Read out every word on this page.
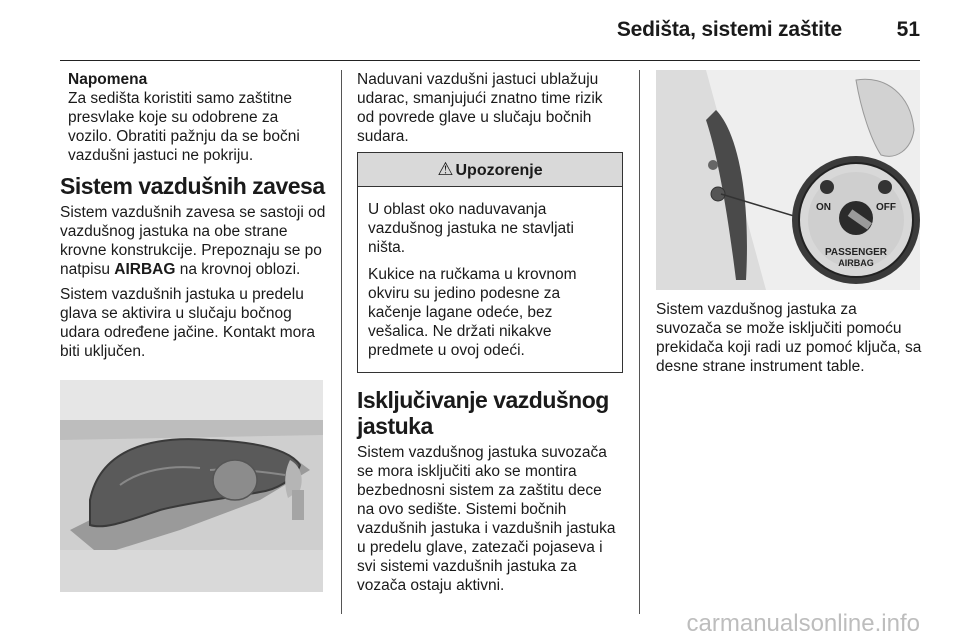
Sedišta, sistemi zaštite	51
Napomena
Za sedišta koristiti samo zaštitne presvlake koje su odobrene za vozilo. Obratiti pažnju da se bočni vazdušni jastuci ne pokriju.
Sistem vazdušnih zavesa

Sistem vazdušnih zavesa se sastoji od vazdušnog jastuka na obe strane krovne konstrukcije. Prepoznaju se po natpisu AIRBAG na krovnoj oblozi.

Sistem vazdušnih jastuka u predelu glava se aktivira u slučaju bočnog udara određene jačine. Kontakt mora biti uključen.

Naduvani vazdušni jastuci ublažuju udarac, smanjujući znatno time rizik od povrede glave u slučaju bočnih sudara.

⚠ Upozorenje

U oblast oko naduvavanja vazdušnog jastuka ne stavljati ništa.

Kukice na ručkama u krovnom okviru su jedino podesne za kačenje lagane odeće, bez vešalica. Ne držati nikakve predmete u ovoj odeći.

Isključivanje vazdušnog jastuka

Sistem vazdušnog jastuka suvozača se mora isključiti ako se montira bezbednosni sistem za zaštitu dece na ovo sedište. Sistemi bočnih vazdušnih jastuka i vazdušnih jastuka u predelu glave, zatezači pojaseva i svi sistemi vazdušnih jastuka za vozača ostaju aktivni.

ON	OFF
PASSENGER
AIRBAG

Sistem vazdušnog jastuka za suvozača se može isključiti pomoću prekidača koji radi uz pomoć ključa, sa desne strane instrument table.

carmanualsonline.info
